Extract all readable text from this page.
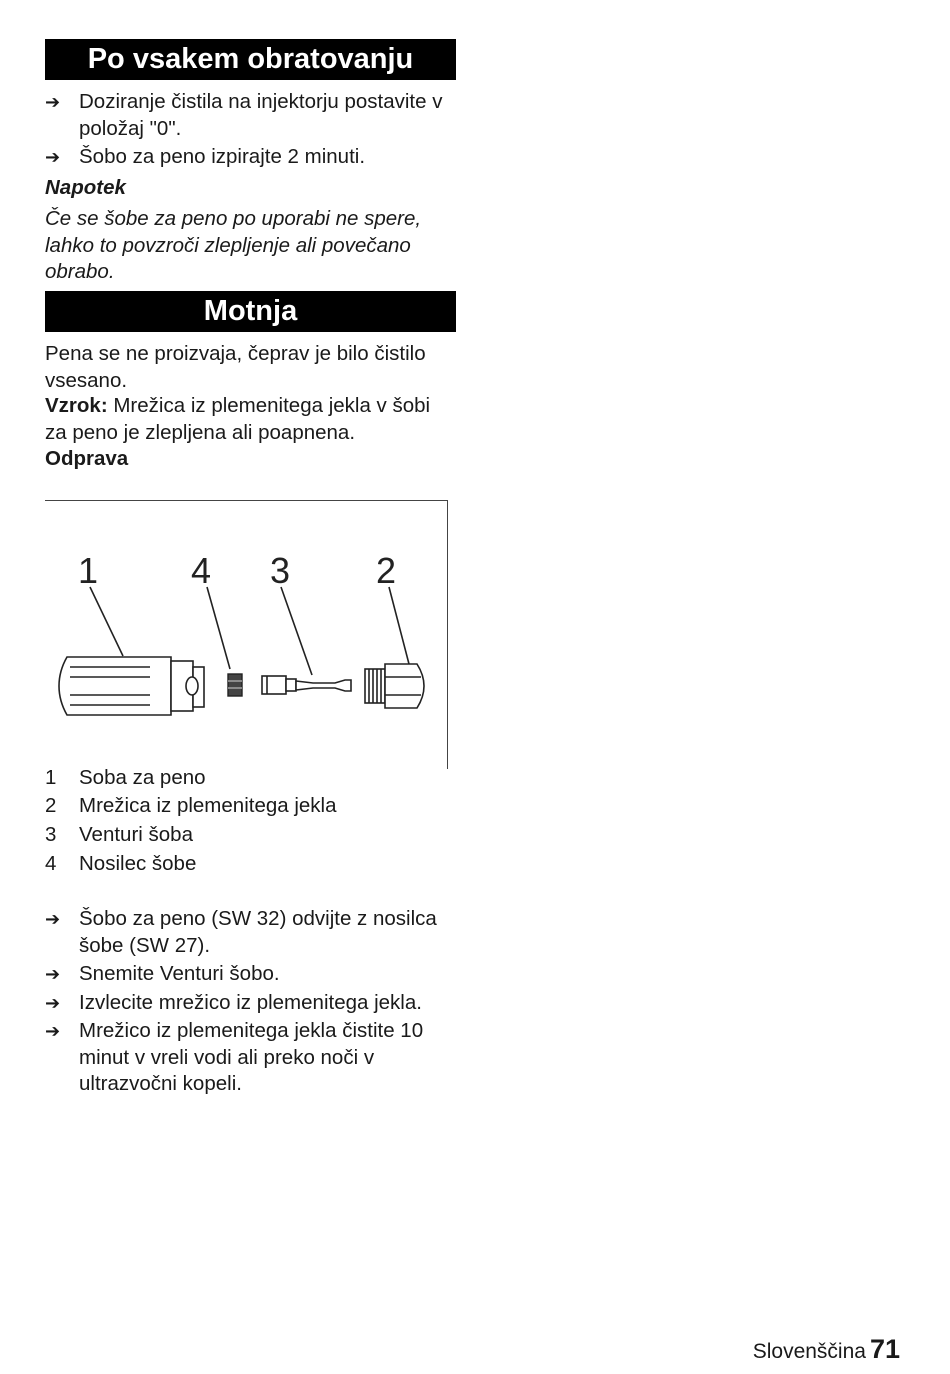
Po vsakem obratovanju
➔ Doziranje čistila na injektorju postavite v položaj "0".
➔ Šobo za peno izpirajte 2 minuti.
Napotek
Če se šobe za peno po uporabi ne spere, lahko to povzroči zlepljenje ali povečano obrabo.
Motnja
Pena se ne proizvaja, čeprav je bilo čistilo vsesano.
Vzrok: Mrežica iz plemenitega jekla v šobi za peno je zlepljena ali poapnena.
Odprava
1	4 3 2
1 Soba za peno
2 Mrežica iz plemenitega jekla
3 Venturi šoba
4 Nosilec šobe
➔ Šobo za peno (SW 32) odvijte z nosilca šobe (SW 27).
➔ Snemite Venturi šobo.
➔ Izvlecite mrežico iz plemenitega jekla.
➔ Mrežico iz plemenitega jekla čistite 10 minut v vreli vodi ali preko noči v ultrazvočni kopeli.
Slovenščina 71
